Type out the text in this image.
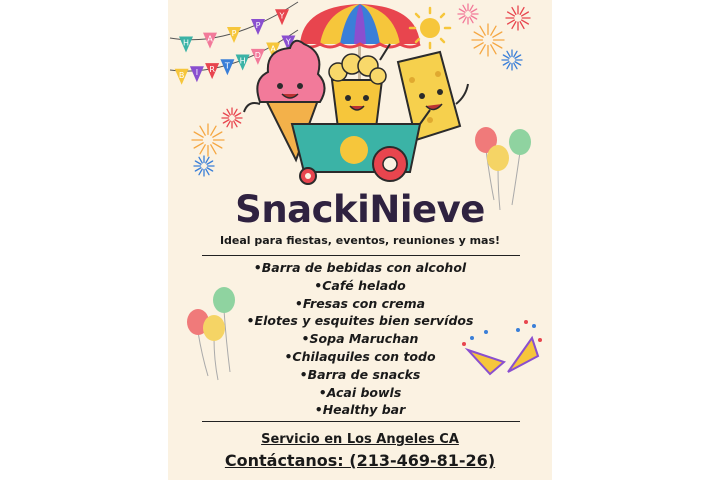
H A
P
P
Y
B I R T
H
D
A
Y
SnackiNieve
Ideal para fiestas, eventos, reuniones y mas!
•Barra de bebidas con alcohol
•Café helado
•Fresas con crema
•Elotes y esquites bien servídos
•Sopa Maruchan
•Chilaquiles con todo
•Barra de snacks
•Acai bowls
•Healthy bar
Servicio en Los Angeles CA
Contáctanos: (213-469-81-26)
